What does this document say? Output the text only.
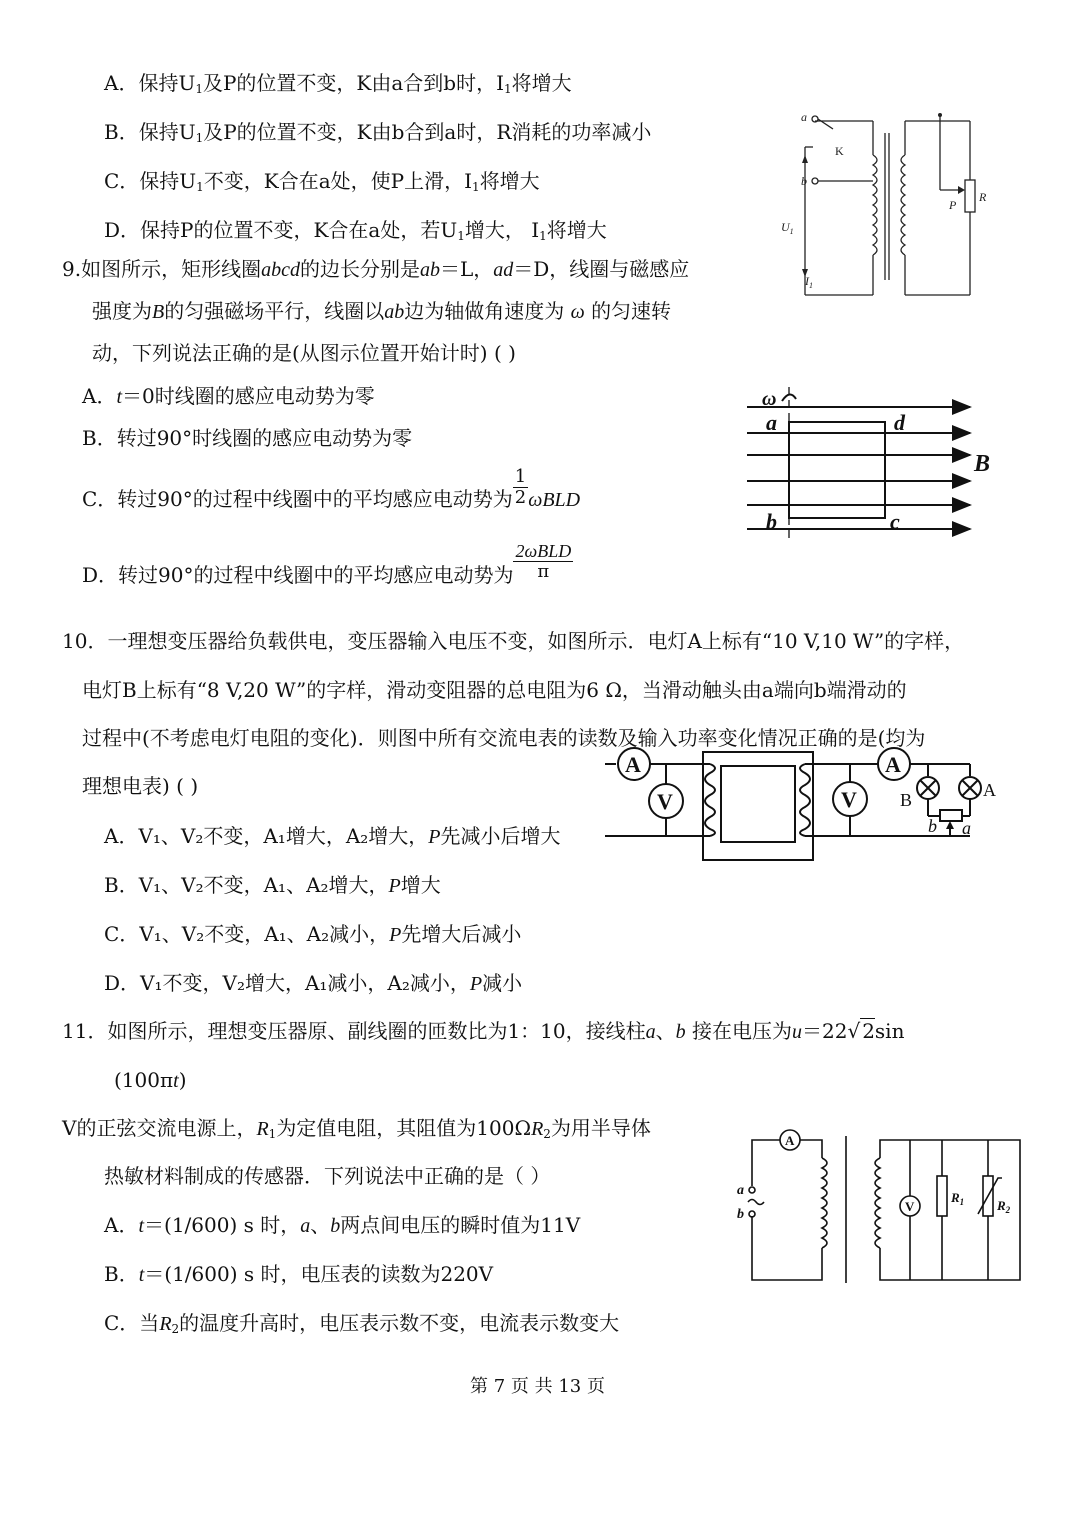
A．保持$U_1$及P的位置不变，K由a合到b时，$I_1$将增大
B．保持$U_1$及P的位置不变，K由b合到a时，R消耗的功率减小
C．保持$U_1$不变，K合在a处，使P上滑，$I_1$将增大
D．保持P的位置不变，K合在a处，若$U_1$增大， $I_1$将增大
a
K
b
$U_1$
$I_1$
P
R
9.如图所示，矩形线圈abcd的边长分别是ab＝L，ad＝D，线圈与磁感应
强度为B的匀强磁场平行，线圈以ab边为轴做角速度为 ω 的匀速转
动，下列说法正确的是(从图示位置开始计时) ( )
A．t＝0时线圈的感应电动势为零
B．转过90°时线圈的感应电动势为零
C．转过90°的过程中线圈中的平均感应电动势为 $\frac{1}{2}$ ωBLD
D．转过90°的过程中线圈中的平均感应电动势为 $\frac{\text{2ωBLD}}{\pi}$
ω
a	d
B
b	c
10．一理想变压器给负载供电，变压器输入电压不变，如图所示．电灯A上标有“10 V,10 W”的字样，
电灯B上标有“8 V,20 W”的字样，滑动变阻器的总电阻为6 Ω，当滑动触头由a端向b端滑动的
过程中(不考虑电灯电阻的变化)．则图中所有交流电表的读数及输入功率变化情况正确的是(均为
理想电表) ( )
A．V₁、V₂不变，A₁增大，A₂增大，P先减小后增大
B．V₁、V₂不变，A₁、A₂增大，P增大
C．V₁、V₂不变，A₁、A₂减小，P先增大后减小
D．V₁不变，V₂增大，A₁减小，A₂减小，P减小
A
V	V
A
B	A
b a
11．如图所示，理想变压器原、副线圈的匝数比为1：10，接线柱a、b 接在电压为u＝22√ 2sin
(100πt)
V的正弦交流电源上，$R_1$为定值电阻，其阻值为$100\Omega R_2$为用半导体
热敏材料制成的传感器．下列说法中正确的是（ ）
A．t＝(1/600) s 时，a、b两点间电压的瞬时值为11V
B．t＝(1/600) s 时，电压表的读数为220V
C．当$R_2$的温度升高时，电压表示数不变，电流表示数变大
A
V
a
b
$R_1$	$R_2$
第 7 页 共 13 页
